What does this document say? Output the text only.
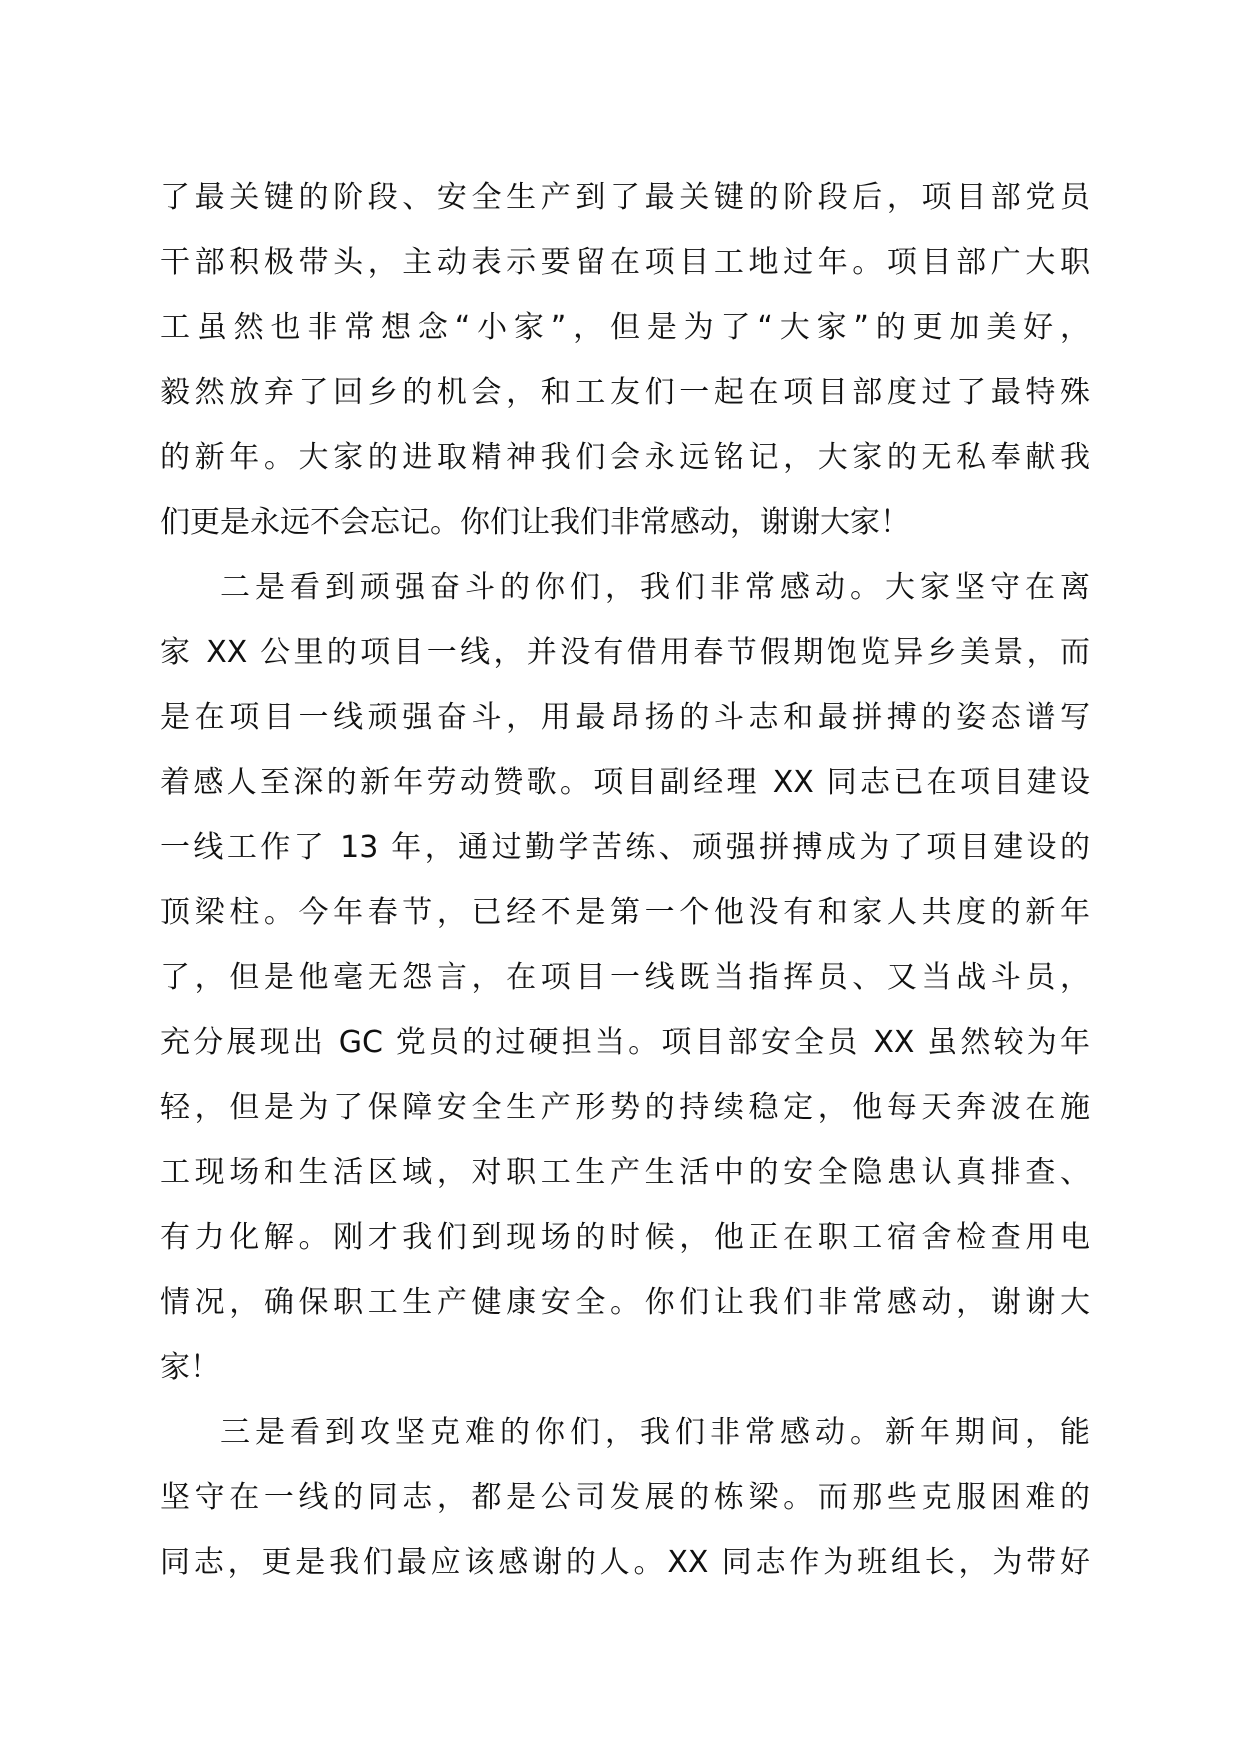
了最关键的阶段、安全生产到了最关键的阶段后，项目部党员
干部积极带头，主动表示要留在项目工地过年。项目部广大职
工虽然也非常想念“小家”，但是为了“大家”的更加美好，
毅然放弃了回乡的机会，和工友们一起在项目部度过了最特殊
的新年。大家的进取精神我们会永远铭记，大家的无私奉献我
们更是永远不会忘记。你们让我们非常感动，谢谢大家！
二是看到顽强奋斗的你们，我们非常感动。大家坚守在离
家 XX 公里的项目一线，并没有借用春节假期饱览异乡美景，而
是在项目一线顽强奋斗，用最昂扬的斗志和最拼搏的姿态谱写
着感人至深的新年劳动赞歌。项目副经理 XX 同志已在项目建设
一线工作了 13 年，通过勤学苦练、顽强拼搏成为了项目建设的
顶梁柱。今年春节，已经不是第一个他没有和家人共度的新年
了，但是他毫无怨言，在项目一线既当指挥员、又当战斗员，
充分展现出 GC 党员的过硬担当。项目部安全员 XX 虽然较为年
轻，但是为了保障安全生产形势的持续稳定，他每天奔波在施
工现场和生活区域，对职工生产生活中的安全隐患认真排查、
有力化解。刚才我们到现场的时候，他正在职工宿舍检查用电
情况，确保职工生产健康安全。你们让我们非常感动，谢谢大
家！
三是看到攻坚克难的你们，我们非常感动。新年期间，能
坚守在一线的同志，都是公司发展的栋梁。而那些克服困难的
同志，更是我们最应该感谢的人。XX 同志作为班组长，为带好
